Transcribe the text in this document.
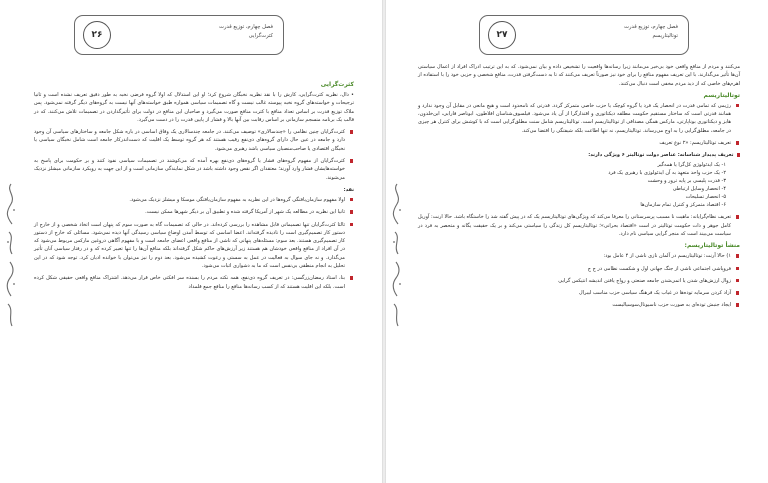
۲۶
فصل چهارم، توزیع قدرت
کثرت‌گرایی
کثرت‌گرایی
• دال، نظریه کثرت‌گرایی، کارش را با نقد نظریه نخبگان شروع کرد؛ او این استدلال که اولا گروه فرضی نخبه به طور دقیق تعریف نشده است و ثانیا ترجیحات و خواسته‌های گروه نخبه پیوسته غالب نیست و گاه تصمیمات سیاسی همواره طبق خواسته‌های آنها نیست به گروه‌های دیگر گرفته نمی‌شود. پس ملاک توزیع قدرت بر اساس تعداد منافع با کثرت منافع صورت می‌گیرد و صاحبان این منافع در دولت برای تأثیرگذاردن در تصمیمات تلاش می‌کنند. که در قالب یک برنامه منسجم سازمانی بر اساس رقابت بین آنها بالا و فشار از پایین قدرت را در دست می‌گیرد.
کثرت‌گرایان چنین نظامی را «چندسالاری» توصیف می‌کنند. در جامعه چندسالاری یک وفاق اساسی در باره شکل جامعه و ساختارهای سیاسی آن وجود دارد و جامعه در عین حال دارای گروه‌های ذی‌نفع رقیب هستند که هر گروه توسط یک اقلیت که دست‌اندرکار جامعه است شامل نخبگان سیاسی یا نخبگان اقتصادی یا صاحب‌منصبان سیاسی باشد رهبری می‌شود.
کثرت‌گرایان از مفهوم گروه‌های فشار یا گروه‌های ذی‌نفع بهره آمده که می‌کوشند در تصمیمات سیاسی نفوذ کنند و بر حکومت برای پاسخ به خواسته‌هایشان فشار وارد آورند؛ معتقدان اگر نقص وجود داشته باشد در شکل نمایندگی سازمانی است و از این جهت به رویکرد سازمانی میشلز نزدیک می‌شوند.
نقد:
اولا مفهوم سازمان‌یافتگی گروه‌ها در این نظریه به مفهوم سازمان‌یافتگی موسکا و میشلز نزدیک می‌شود.
ثانیا این نظریه در مطالعه یک شهر از آمریکا گرفته شده و تطبیق آن بر دیگر شهرها ممکن نیست.
ثالثا کثرت‌گرایان تنها تصمیماتی قابل مشاهده را بررسی کرده‌اند. در حالی که تصمیمات گاه به صورت سوم که پنهان است اتخاذ شخصی و از خارج از دستور کار تصمیم‌گیری است را نادیده گرفته‌اند. اعضا اساسی که توسط آمدن اوضاع سیاسی رسیدگی آنها دیده نمی‌شود. مسائلی که خارج از دستور کار تصمیم‌گیری هستند. بعد سوم: مسئله‌های پنهانی که ناشی از منافع واقعی اعضای جامعه است و با مفهوم آگاهی دروغین مارکس مربوط می‌شود که در آن افراد از منافع واقعی خودشان هم هستند زیر آرزش‌های حاکم شکل گرفته‌اند بلکه منافع آن‌ها را تنها تعبیر کرده که و در رفتار سیاسی آنان تأثیر می‌گذارد. و نه جای سوال به فعالیت در عمل به سستی و رعوت کشیده می‌شود. بعد دوم را نیز می‌توان با خوانده ادیان کرد. توجه شود که در این تحلیل به انجام منطقی بی‌نفس است که ما به دشواری اثبات می‌شود.
بنا، استاد رمضان‌زرگسی: در تعریف گروه ذی‌نفع، همه نکته مردم را بسنده سر افکتی خاص قرار می‌دهد. اشتراک منافع واقعی حقیقی شکل کرده است. بلکه این اقلیت هستند که از کسب رسانه‌ها منافع را منافع جمع قلمداد
۲۷
فصل چهارم، توزیع قدرت
توتالیتاریسم
می‌کنند و مردم از منافع واقعی خود بی‌خبر می‌مانند زیرا رسانه‌ها واقعیت را تشخیص داده و بیان نمی‌شود. که به این ترتیب ادراک افراد از اعمال سیاستی آن‌ها تأثیر می‌گذارند. با این تعریف مفهوم منافع را برای خود نیز صورتاً تعریف می‌کنند که تا به دست‌گرفتن قدرت، منافع شخصی و حزبی خود را با استفاده از اهرم‌های خاصی که از دید مردم مخفی است دنبال می‌کنند.
توتالیتاریسم
رژیمی که تمامی قدرت در انحصار یک فرد یا گروه کوچک یا حزب خاصی متمرکز گردد. قدرتی که نامحدود است و هیچ مانعی در مقابل آن وجود ندارد و همانند قدرتی است که ساختار مستقیم حکومت مطلقه دیکتاتوری و اقتدارگرا از آن یاد می‌شود. فیلسوف‌شناسان افلاطون، ابوناصر فارابی، ابن‌خلدون، هابز و دیکتاتوری بوناپارتی، مارکس همگی مصداقی از توتالیتاریسم است. توتالیتاریسم شامل سنت مطلق‌گرایی است که با کوشش برای کنترل هر چیزی در جامعه، مطلق‌گرایی را به اوج می‌رساند. توتالیتاریسم، نه تنها اطاعت بلکه شیفتگی را اقتضا می‌کند.
تعریف توتالیتاریسم: «۲ نوع تعریف
تعریف پدیدار شناسانه: عناصر دولت توتالیتر ۶ ویژگی دارند:
۱- یک ایدئولوژی کل‌گرا یا همه‌گیر
۲- یک حزب واحد متعهد به آن ایدئولوژی با رهبری یک فرد
۳- قدرت پلیسی بر پایه ترور و وحشت
۴- انحصار وسایل ارتباطی
۵- انحصار تسلیحات
۶- اقتصاد متمرکز و کنترل تمام سازمان‌ها
تعریف نظام‌گرایانه: ماهیت نا مسبب پرسرستانی را معرفا می‌کند که ویژگی‌های توتالیتاریسم یک که در پیش گفته شد را خاستگاه باشد. حالا ارنت: آوریل کامل جوهر و ذات حکومت توتالیتر در است «اقتصاد بحرانی»؛ توتالیتاریسم کل زندگی را سیاستی می‌کند و بر یک حقیقت یگانه و متحصر به فرد در سیاست می‌بیند است که منجر گرایی سیاسی نام دارد.
منشأ توتالیتاریسم:
۱) حالا آرنت: توتالیتاریسم در آلمان نازی ناشی از ۴ عامل بود:
فروپاشی اجتماعی ناشی از جنگ جهانی اول و شکست نظامی در ج ج
زوال ارزش‌های شدن یا اتمی‌شدن جامعه صنعتی و رواج یافتن اندیشه انتیکس گرایی
آزاد کردن سرمایه توده‌ها در غیاب یک فرهنگ سیاسی حزب مناسب لیبرال
ایجاد جنبش توده‌ای به صورت حزب ناسیونال‌سوسیالیست
